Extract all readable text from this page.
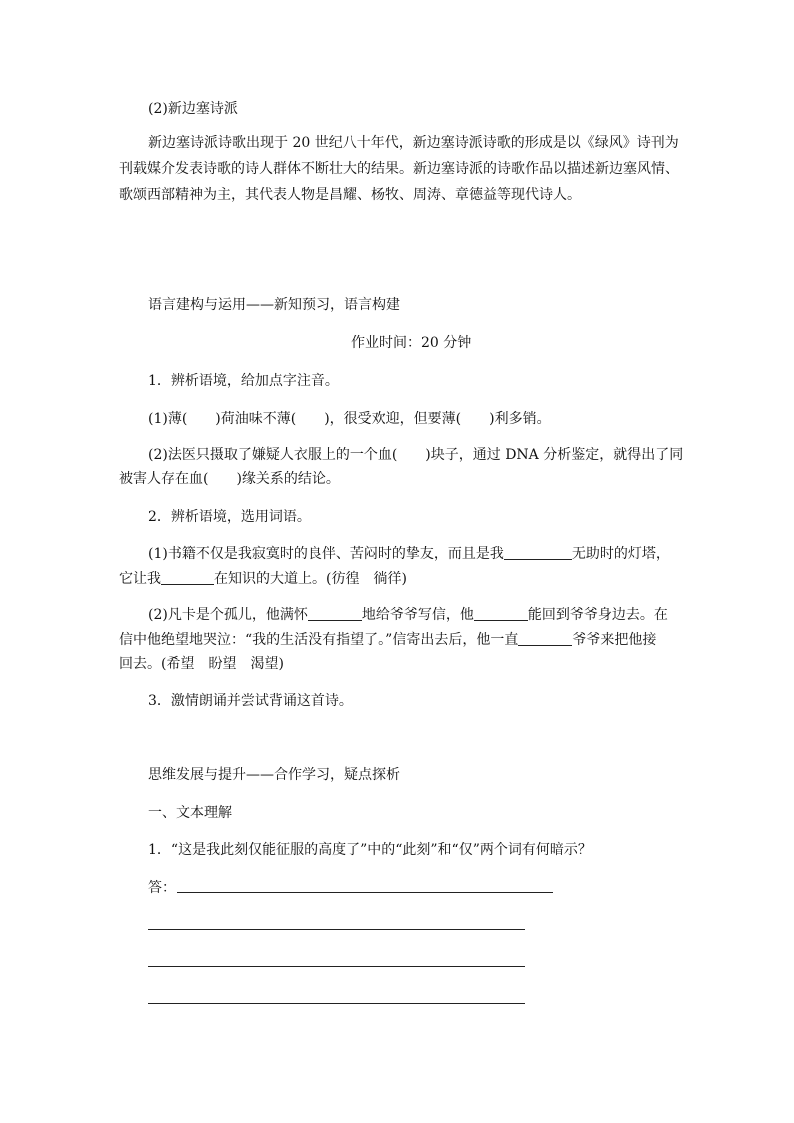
(2)新边塞诗派
新边塞诗派诗歌出现于 20 世纪八十年代，新边塞诗派诗歌的形成是以《绿风》诗刊为
刊载媒介发表诗歌的诗人群体不断壮大的结果。新边塞诗派的诗歌作品以描述新边塞风情、
歌颂西部精神为主，其代表人物是昌耀、杨牧、周涛、章德益等现代诗人。
语言建构与运用——新知预习，语言构建
作业时间：20 分钟
1．辨析语境，给加点字注音。
(1)薄(　　)荷油味不薄(　　)，很受欢迎，但要薄(　　)利多销。
(2)法医只摄取了嫌疑人衣服上的一个血(　　)块子，通过 DNA 分析鉴定，就得出了同
被害人存在血(　　)缘关系的结论。
2．辨析语境，选用词语。
(1)书籍不仅是我寂寞时的良伴、苦闷时的挚友，而且是我	无助时的灯塔，
它让我	在知识的大道上。(彷徨　徜徉)
(2)凡卡是个孤儿，他满怀	地给爷爷写信，他	能回到爷爷身边去。在
信中他绝望地哭泣：“我的生活没有指望了。”信寄出去后，他一直	爷爷来把他接
回去。(希望　盼望　渴望)
3．激情朗诵并尝试背诵这首诗。
思维发展与提升——合作学习，疑点探析
一、文本理解
1．“这是我此刻仅能征服的高度了”中的“此刻”和“仅”两个词有何暗示？
答：
